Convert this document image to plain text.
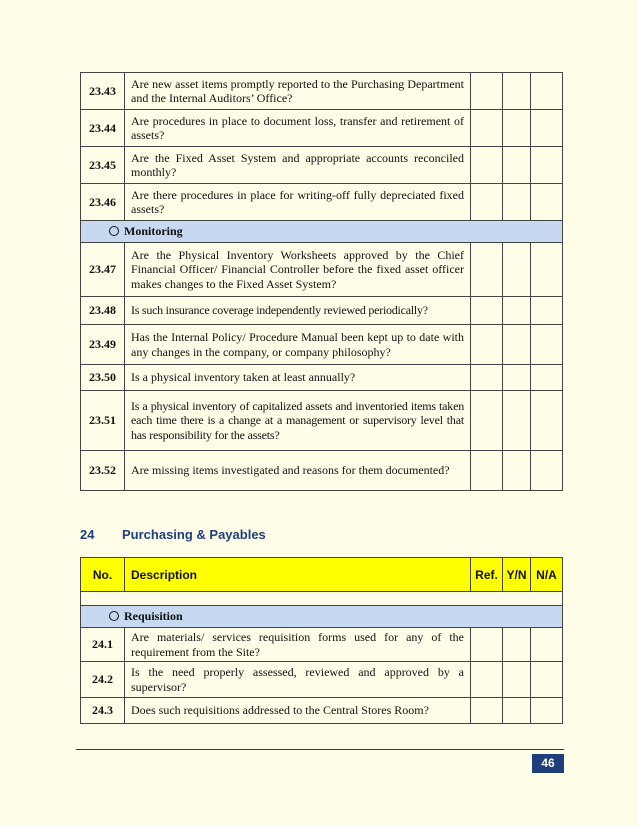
23.43	Are new asset items promptly reported to the Purchasing Department and the Internal Auditors’ Office?			
23.44	Are procedures in place to document loss, transfer and retirement of assets?			
23.45	Are the Fixed Asset System and appropriate accounts reconciled monthly?			
23.46	Are there procedures in place for writing-off fully depreciated fixed assets?			
Monitoring				
23.47	Are the Physical Inventory Worksheets approved by the Chief Financial Officer/ Financial Controller before the fixed asset officer makes changes to the Fixed Asset System?			
23.48	Is such insurance coverage independently reviewed periodically?			
23.49	Has the Internal Policy/ Procedure Manual been kept up to date with any changes in the company, or company philosophy?			
23.50	Is a physical inventory taken at least annually?			
23.51	Is a physical inventory of capitalized assets and inventoried items taken each time there is a change at a management or supervisory level that has responsibility for the assets?			
23.52	Are missing items investigated and reasons for them documented?			
24 Purchasing & Payables
No.	Description	Ref.	Y/N	N/A

Requisition				
24.1	Are materials/ services requisition forms used for any of the requirement from the Site?			
24.2	Is the need properly assessed, reviewed and approved by a supervisor?			
24.3	Does such requisitions addressed to the Central Stores Room?			
46
